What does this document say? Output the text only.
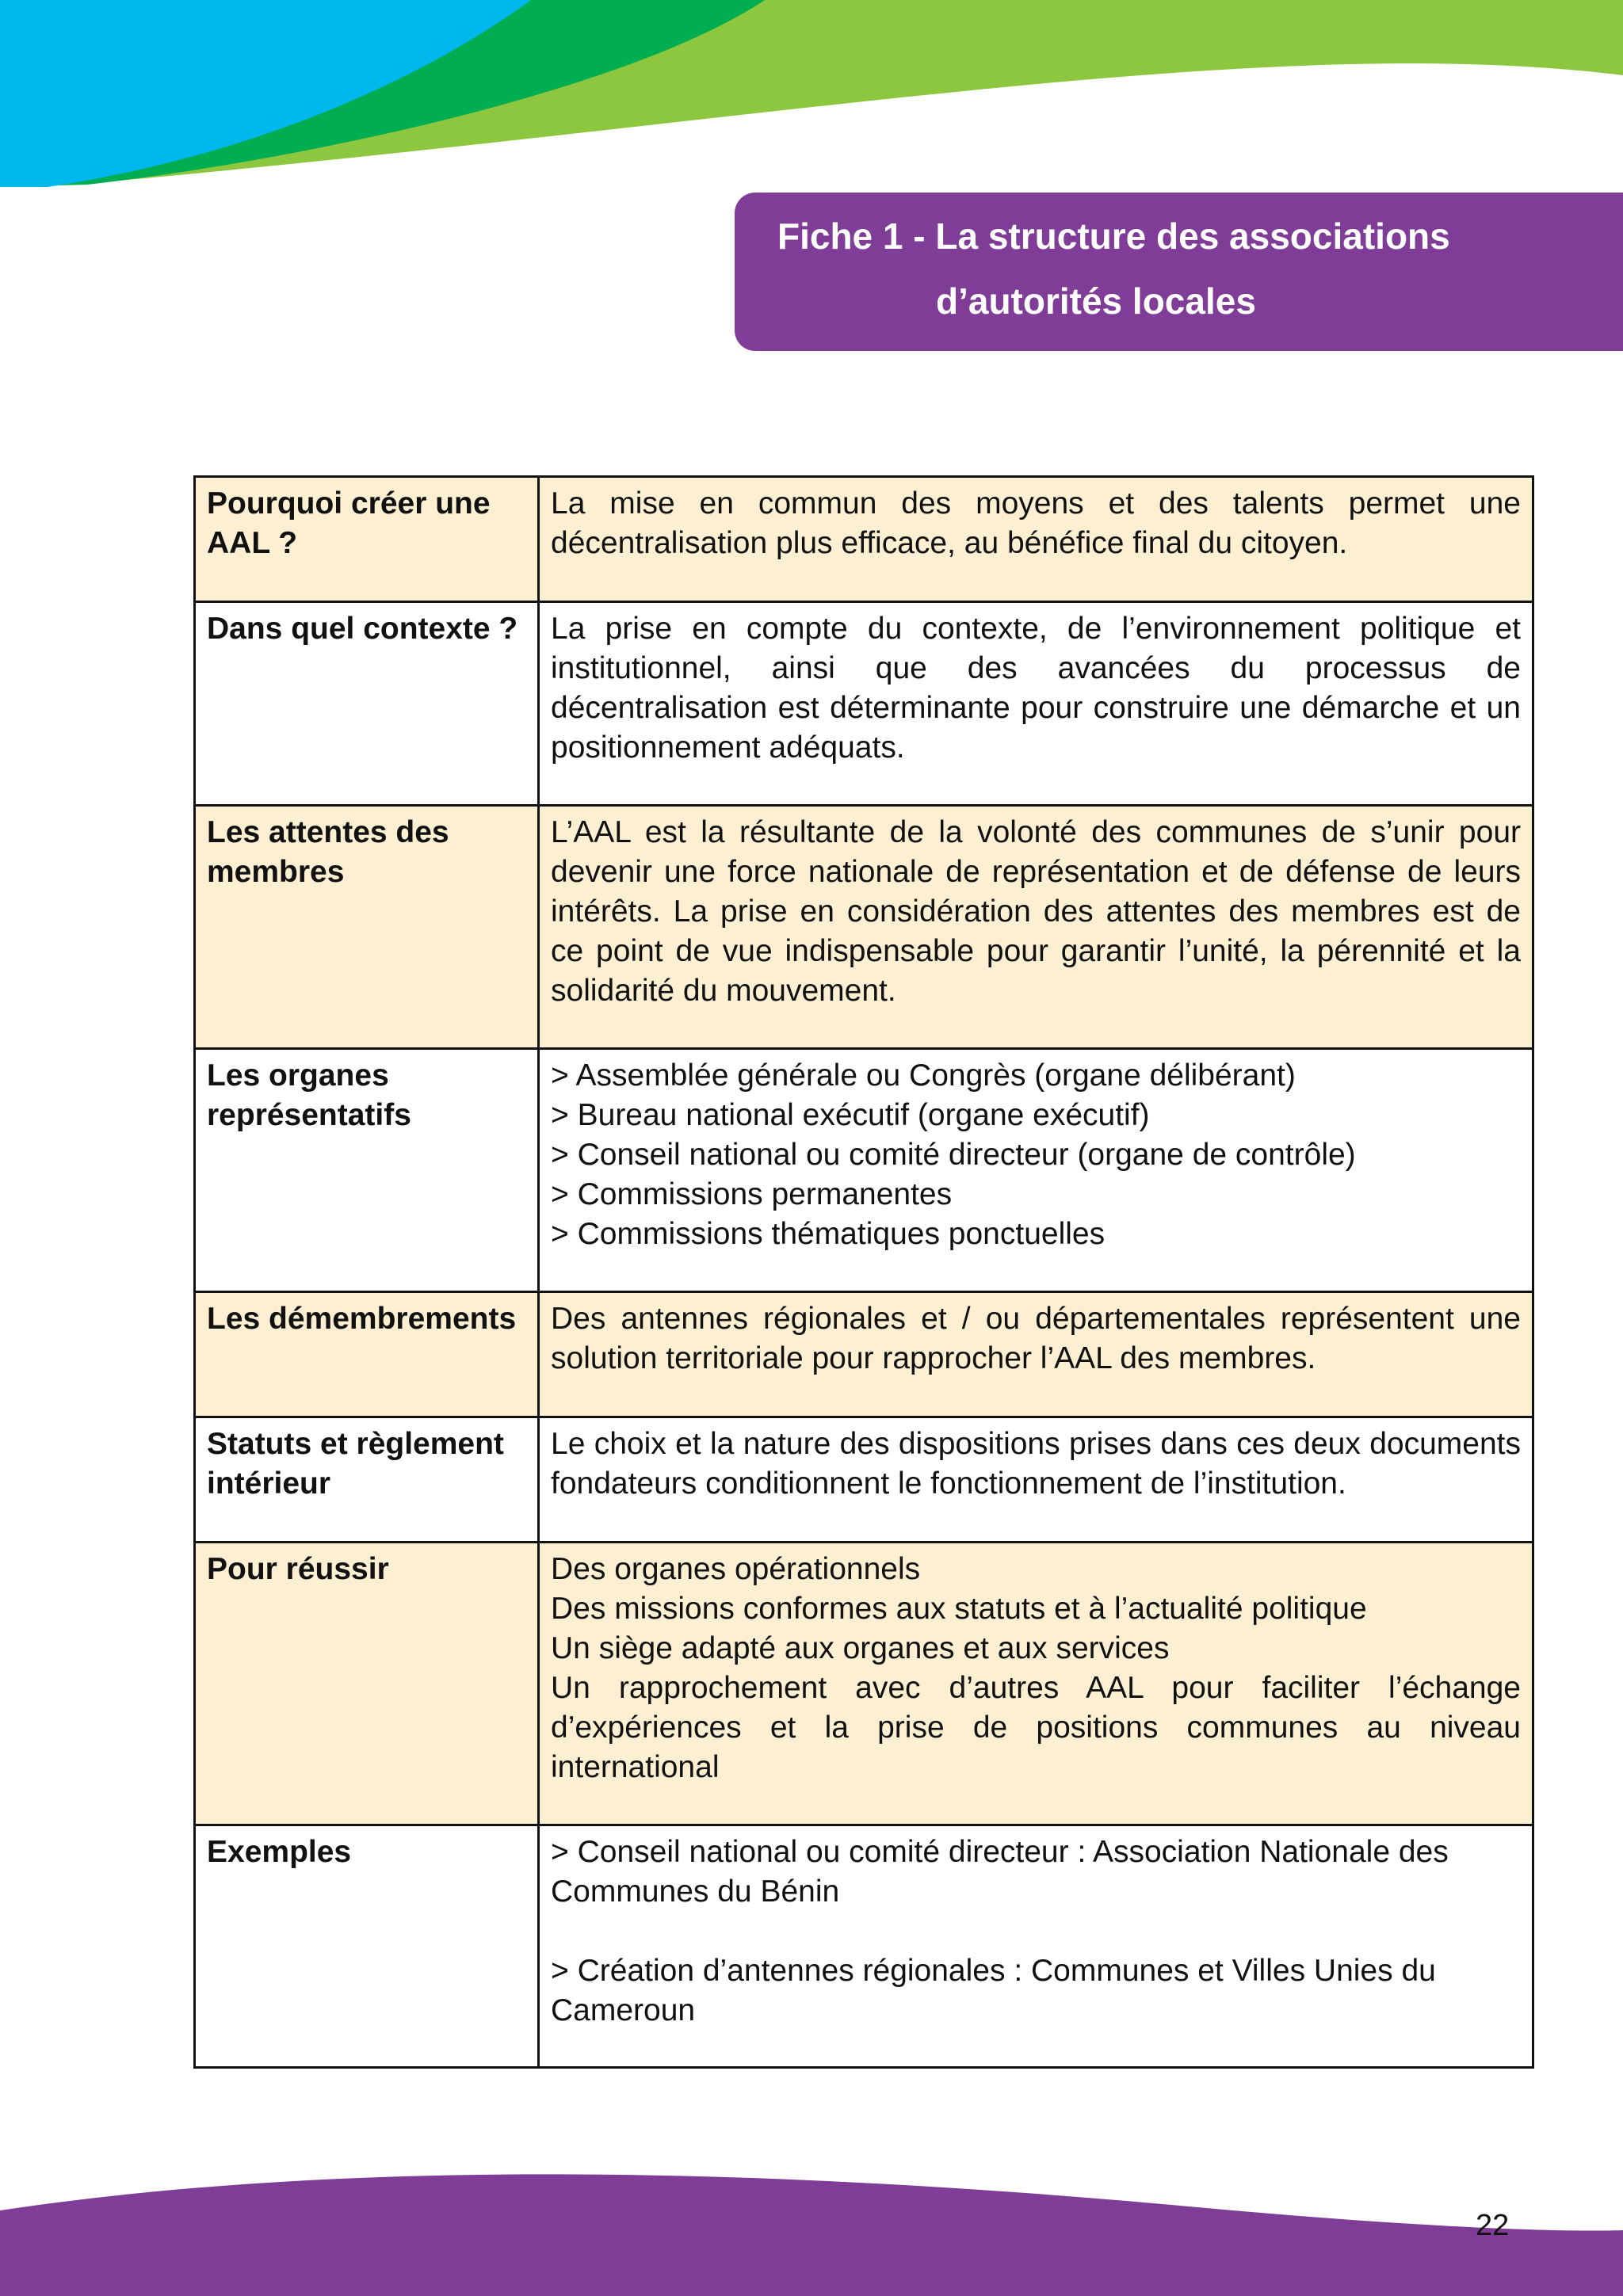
Fiche 1 - La structure des associations
d’autorités locales
Pourquoi créer une AAL ?	La mise en commun des moyens et des talents permet une décentralisation plus efficace, au bénéfice final du citoyen.
Dans quel contexte ?	La prise en compte du contexte, de l’environnement politique et institutionnel, ainsi que des avancées du processus de décentralisation est déterminante pour construire une démarche et un positionnement adéquats.
Les attentes des membres	L’AAL est la résultante de la volonté des communes de s’unir pour devenir une force nationale de représentation et de défense de leurs intérêts. La prise en considération des attentes des membres est de ce point de vue indispensable pour garantir l’unité, la pérennité et la solidarité du mouvement.
Les organes représentatifs	> Assemblée générale ou Congrès (organe délibérant)
> Bureau national exécutif (organe exécutif)
> Conseil national ou comité directeur (organe de contrôle)
> Commissions permanentes
> Commissions thématiques ponctuelles

Les démembrements	Des antennes régionales et / ou départementales représentent une solution territoriale pour rapprocher l’AAL des membres.
Statuts et règlement intérieur	Le choix et la nature des dispositions prises dans ces deux documents fondateurs conditionnent le fonctionnement de l’institution.
Pour réussir	Des organes opérationnels
Des missions conformes aux statuts et à l’actualité politique
Un siège adapté aux organes et aux services
Un rapprochement avec d’autres AAL pour faciliter l’échange d’expériences et la prise de positions communes au niveau international

Exemples	> Conseil national ou comité directeur : Association Nationale des Communes du Bénin
> Création d’antennes régionales : Communes et Villes Unies du Cameroun
22
